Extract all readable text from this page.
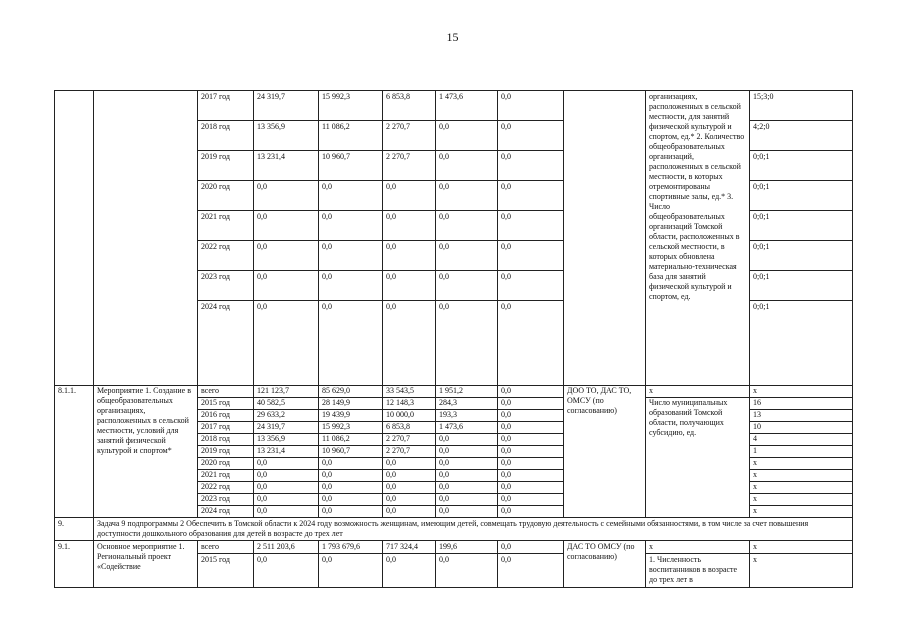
15
		2017 год	24 319,7	15 992,3	6 853,8	1 473,6	0,0		организациях, расположенных в сельской местности, для занятий физической культурой и спортом, ед.* 2. Количество общеобразовательных организаций, расположенных в сельской местности, в которых отремонтированы спортивные залы, ед.* 3. Число общеобразовательных организаций Томской области, расположенных в сельской местности, в которых обновлена материально-техническая база для занятий физической культурой и спортом, ед.	15;3;0
		2018 год	13 356,9	11 086,2	2 270,7	0,0	0,0			4;2;0
		2019 год	13 231,4	10 960,7	2 270,7	0,0	0,0			0;0;1
		2020 год	0,0	0,0	0,0	0,0	0,0			0;0;1
		2021 год	0,0	0,0	0,0	0,0	0,0			0;0;1
		2022 год	0,0	0,0	0,0	0,0	0,0			0;0;1
		2023 год	0,0	0,0	0,0	0,0	0,0			0;0;1
		2024 год	0,0	0,0	0,0	0,0	0,0			0;0;1
8.1.1.	Мероприятие 1. Создание в общеобразовательных организациях, расположенных в сельской местности, условий для занятий физической культурой и спортом*	всего	121 123,7	85 629,0	33 543,5	1 951,2	0,0	ДОО ТО, ДАС ТО, ОМСУ (по согласованию)	х	х
		2015 год	40 582,5	28 149,9	12 148,3	284,3	0,0		Число муниципальных образований Томской области, получающих субсидию, ед.	16
		2016 год	29 633,2	19 439,9	10 000,0	193,3	0,0			13
		2017 год	24 319,7	15 992,3	6 853,8	1 473,6	0,0			10
		2018 год	13 356,9	11 086,2	2 270,7	0,0	0,0			4
		2019 год	13 231,4	10 960,7	2 270,7	0,0	0,0			1
		2020 год	0,0	0,0	0,0	0,0	0,0			х
		2021 год	0,0	0,0	0,0	0,0	0,0			х
		2022 год	0,0	0,0	0,0	0,0	0,0			х
		2023 год	0,0	0,0	0,0	0,0	0,0			х
		2024 год	0,0	0,0	0,0	0,0	0,0			х
9.	Задача 9 подпрограммы 2 Обеспечить в Томской области к 2024 году возможность женщинам, имеющим детей, совмещать трудовую деятельность с семейными обязанностями, в том числе за счет повышения доступности дошкольного образования для детей в возрасте до трех лет									
9.1.	Основное мероприятие 1. Региональный проект «Содействие	всего	2 511 203,6	1 793 679,6	717 324,4	199,6	0,0	ДАС ТО ОМСУ (по согласованию)	х	х
		2015 год	0,0	0,0	0,0	0,0	0,0		1. Численность воспитанников в возрасте до трех лет в	х
